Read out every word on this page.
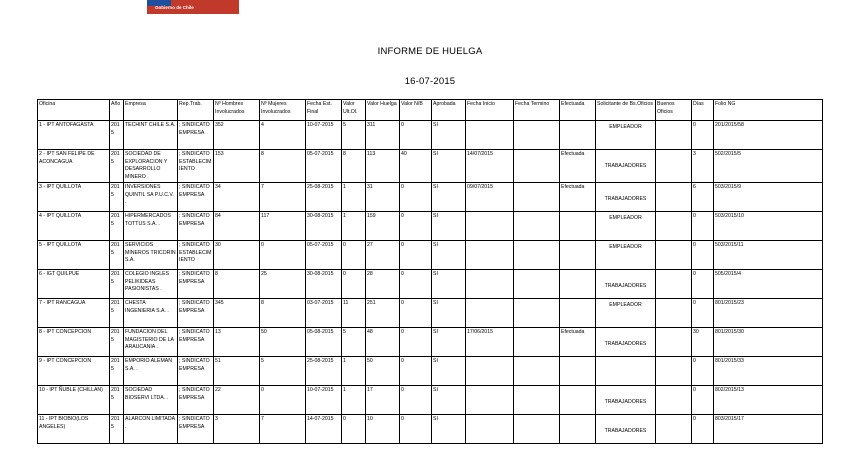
Gobierno de Chile
INFORME DE HUELGA
16-07-2015
Oficina	Año	Empresa	Rep.Trab.	Nº Hombres Involucrados	Nº Mujeres Involucrados	Fecha Est. Final	Valor Ult.Ol.	Valor Huelga	Valor N/B	Aprobada	Fecha Inicio	Fecha Termino	Efectuada	Solicitante de Bs.Oficios	Buenos Oficios	Días	Folio NG
1 - IPT ANTOFAGASTA	2015	TECHINT CHILE S.A.	; SINDICATO EMPRESA	352	4	10-07-2015	5	311	0	SI				EMPLEADOR		0	201/2015/58
2 - IPT SAN FELIPE DE ACONCAGUA	2015	SOCIEDAD DE EXPLORACION Y DESARROLLO MINERO .	; SINDICATO ESTABLECIM IENTO	153	8	05-07-2015	8	113	40	SI	14/07/2015		Efectuada	TRABAJADORES		3	502/2015/5
3 - IPT QUILLOTA	2015	INVERSIONES QUINTIL SA P.U.C.V. .	; SINDICATO EMPRESA	34	7	25-08-2015	1	31	0	SI	09/07/2015		Efectuada	TRABAJADORES		6	503/2015/9
4 - IPT QUILLOTA	2015	HIPERMERCADOS TOTTUS S.A. .	; SINDICATO EMPRESA	84	117	30-08-2015	1	159	0	SI				EMPLEADOR		0	503/2015/10
5 - IPT QUILLOTA	2015	SERVICIOS MINEROS TRICORIN S.A.	; SINDICATO ESTABLECIM IENTO	30	0	05-07-2015	0	27	0	SI				EMPLEADOR		0	503/2015/11
6 - IGT QUILPUE	2015	COLEGIO INGLES PELIKIDEAS PASIONISTAS .	; SINDICATO EMPRESA	8	25	30-08-2015	0	28	0	SI				TRABAJADORES		0	505/2015/4
7 - IPT RANCAGUA	2015	CHESTA INGENIERIA S.A. .	; SINDICATO EMPRESA	345	8	03-07-2015	11	251	0	SI				EMPLEADOR		0	801/2015/23
8 - IPT CONCEPCION	2015	FUNDACION DEL MAGISTERIO DE LA ARAUCANIA .	; SINDICATO EMPRESA	13	50	05-08-2015	5	48	0	SI	17/06/2015		Efectuada	TRABAJADORES		30	801/2015/30
9 - IPT CONCEPCION	2015	EMPORIO ALEMAN S.A. .	; SINDICATO EMPRESA	51	5	25-08-2015	1	50	0	SI						0	801/2015/33
10 - IPT ÑUBLE (CHILLAN)	2015	SOCIEDAD BIOSERVI LTDA. .	; SINDICATO EMPRESA	22	0	10-07-2015	1	17	0	SI				TRABAJADORES		0	802/2015/13
11 - IPT BIOBIO(LOS ANGELES)	2015	ALARCON LIMITADA .	; SINDICATO EMPRESA	3	7	14-07-2015	0	10	0	SI				TRABAJADORES		0	803/2015/17
